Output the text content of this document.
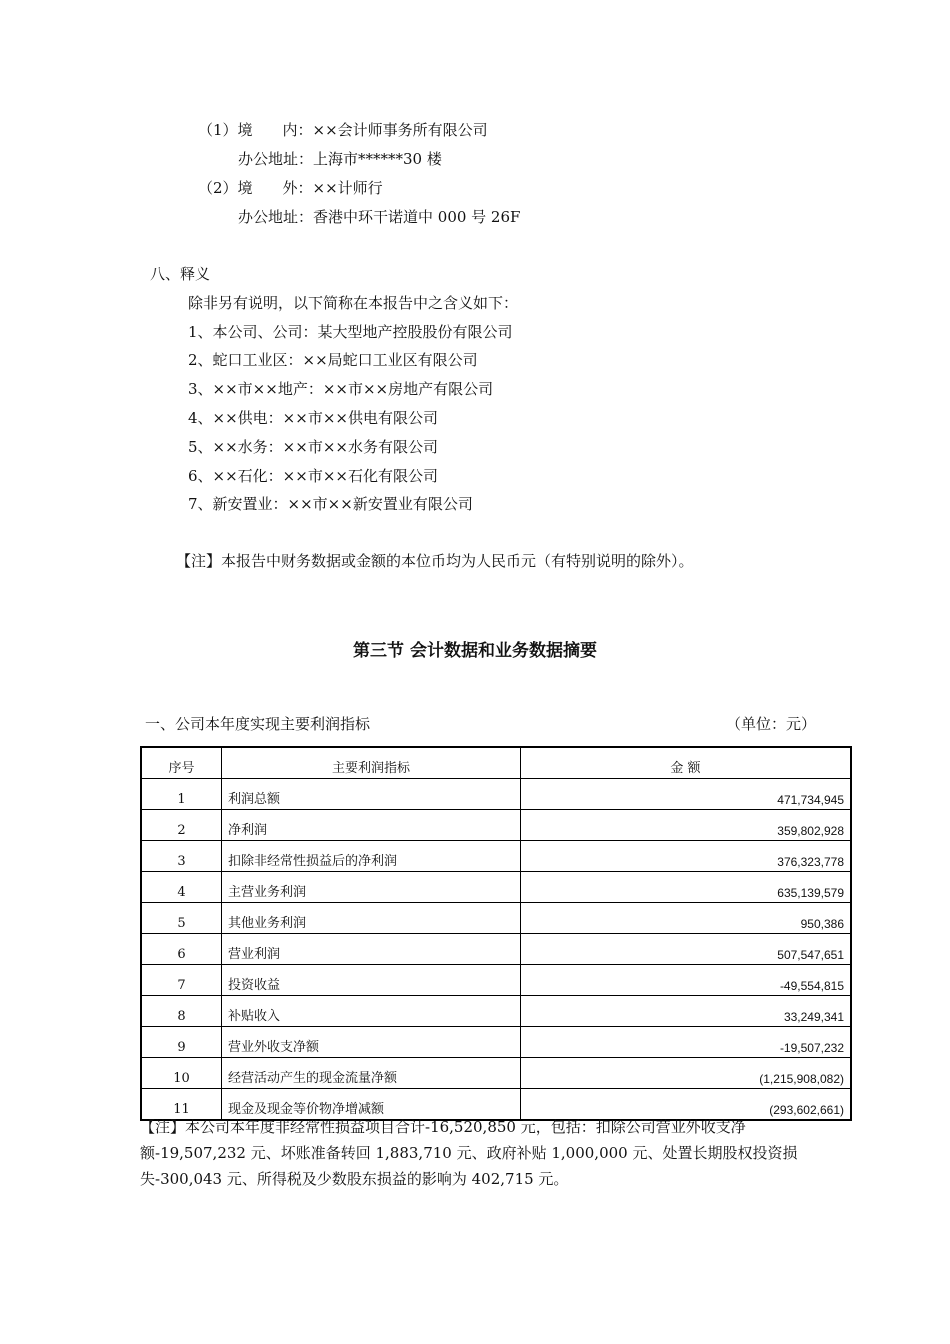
（1）境　　内：××会计师事务所有限公司
办公地址：上海市******30 楼
（2）境　　外：××计师行
办公地址：香港中环干诺道中 000 号 26F
八、释义
除非另有说明，以下简称在本报告中之含义如下：
1、本公司、公司：某大型地产控股股份有限公司
2、蛇口工业区：××局蛇口工业区有限公司
3、××市××地产：××市××房地产有限公司
4、××供电：××市××供电有限公司
5、××水务：××市××水务有限公司
6、××石化：××市××石化有限公司
7、新安置业：××市××新安置业有限公司
【注】本报告中财务数据或金额的本位币均为人民币元（有特别说明的除外）。
第三节 会计数据和业务数据摘要
一、公司本年度实现主要利润指标	（单位：元）
序号	主要利润指标	金 额
1	利润总额	471,734,945
2	净利润	359,802,928
3	扣除非经常性损益后的净利润	376,323,778
4	主营业务利润	635,139,579
5	其他业务利润	950,386
6	营业利润	507,547,651
7	投资收益	-49,554,815
8	补贴收入	33,249,341
9	营业外收支净额	-19,507,232
10	经营活动产生的现金流量净额	(1,215,908,082)
11	现金及现金等价物净增减额	(293,602,661)
【注】本公司本年度非经常性损益项目合计-16,520,850 元，包括：扣除公司营业外收支净额-19,507,232 元、坏账准备转回 1,883,710 元、政府补贴 1,000,000 元、处置长期股权投资损失-300,043 元、所得税及少数股东损益的影响为 402,715 元。
